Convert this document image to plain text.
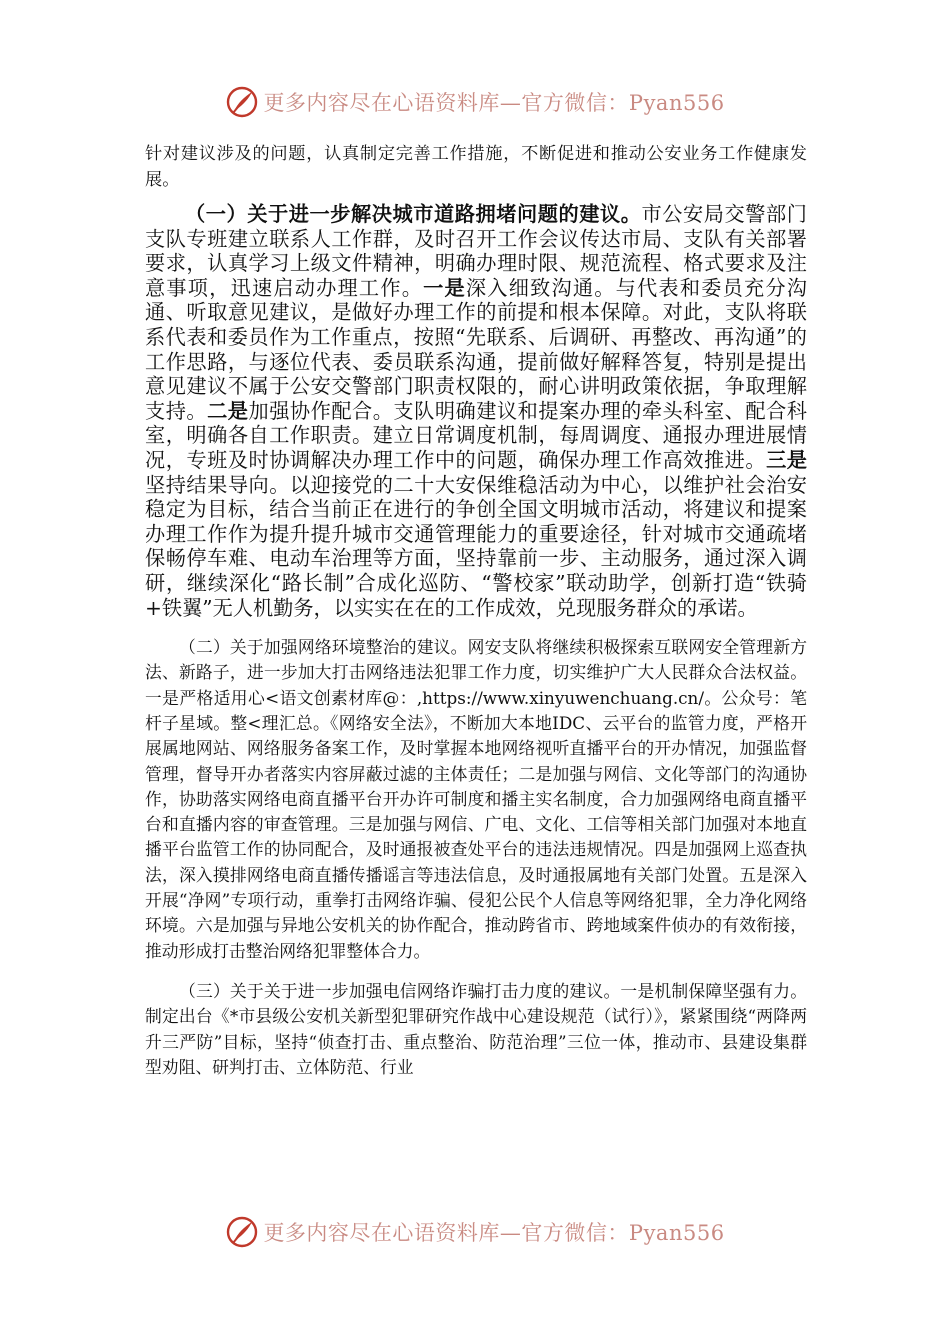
更多内容尽在心语资料库—官方微信：Pyan556

针对建议涉及的问题，认真制定完善工作措施，不断促进和推动公安业务工作健康发展。

（一）关于进一步解决城市道路拥堵问题的建议。市公安局交警部门支队专班建立联系人工作群，及时召开工作会议传达市局、支队有关部署要求，认真学习上级文件精神，明确办理时限、规范流程、格式要求及注意事项，迅速启动办理工作。一是深入细致沟通。与代表和委员充分沟通、听取意见建议，是做好办理工作的前提和根本保障。对此，支队将联系代表和委员作为工作重点，按照“先联系、后调研、再整改、再沟通”的工作思路，与逐位代表、委员联系沟通，提前做好解释答复，特别是提出意见建议不属于公安交警部门职责权限的，耐心讲明政策依据，争取理解支持。二是加强协作配合。支队明确建议和提案办理的牵头科室、配合科室，明确各自工作职责。建立日常调度机制，每周调度、通报办理进展情况，专班及时协调解决办理工作中的问题，确保办理工作高效推进。三是坚持结果导向。以迎接党的二十大安保维稳活动为中心，以维护社会治安稳定为目标，结合当前正在进行的争创全国文明城市活动，将建议和提案办理工作作为提升提升城市交通管理能力的重要途径，针对城市交通疏堵保畅停车难、电动车治理等方面，坚持靠前一步、主动服务，通过深入调研，继续深化“路长制”合成化巡防、“警校家”联动助学，创新打造“铁骑+铁翼”无人机勤务，以实实在在的工作成效，兑现服务群众的承诺。

（二）关于加强网络环境整治的建议。网安支队将继续积极探索互联网安全管理新方法、新路子，进一步加大打击网络违法犯罪工作力度，切实维护广大人民群众合法权益。一是严格适用心<语文创素材库@：,https://www.xinyuwenchuang.cn/。公众号：笔杆子星域。整<理汇总。《网络安全法》，不断加大本地IDC、云平台的监管力度，严格开展属地网站、网络服务备案工作，及时掌握本地网络视听直播平台的开办情况，加强监督管理，督导开办者落实内容屏蔽过滤的主体责任；二是加强与网信、文化等部门的沟通协作，协助落实网络电商直播平台开办许可制度和播主实名制度，合力加强网络电商直播平台和直播内容的审查管理。三是加强与网信、广电、文化、工信等相关部门加强对本地直播平台监管工作的协同配合，及时通报被查处平台的违法违规情况。四是加强网上巡查执法，深入摸排网络电商直播传播谣言等违法信息，及时通报属地有关部门处置。五是深入开展“净网”专项行动，重拳打击网络诈骗、侵犯公民个人信息等网络犯罪，全力净化网络环境。六是加强与异地公安机关的协作配合，推动跨省市、跨地域案件侦办的有效衔接，推动形成打击整治网络犯罪整体合力。

（三）关于关于进一步加强电信网络诈骗打击力度的建议。一是机制保障坚强有力。制定出台《*市县级公安机关新型犯罪研究作战中心建设规范（试行）》，紧紧围绕“两降两升三严防”目标，坚持“侦查打击、重点整治、防范治理”三位一体，推动市、县建设集群型劝阻、研判打击、立体防范、行业

更多内容尽在心语资料库—官方微信：Pyan556
